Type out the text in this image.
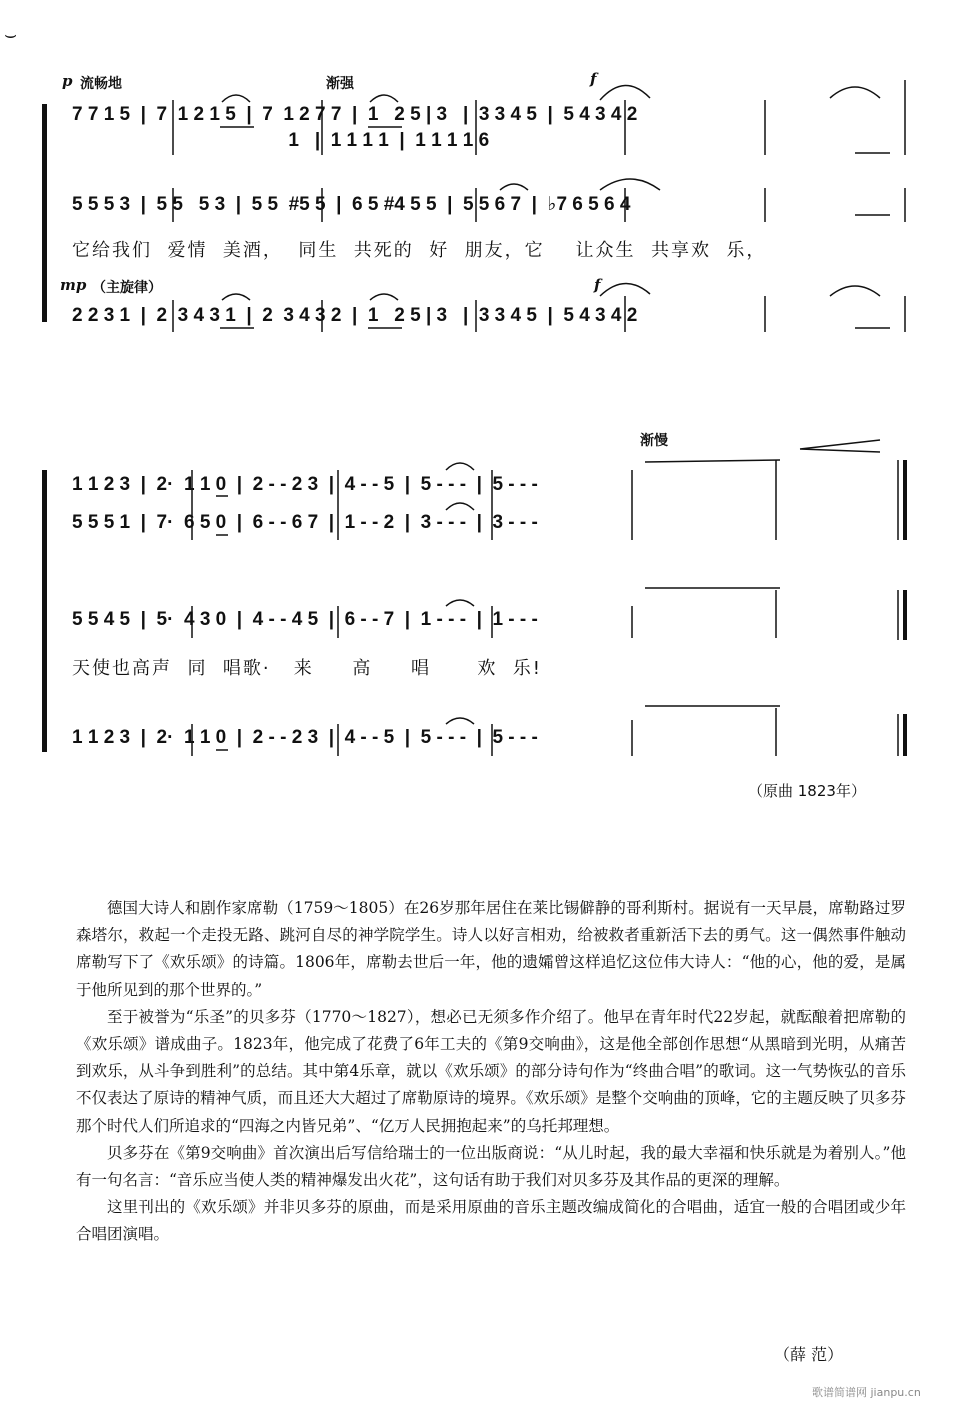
⌣
p 流畅地	渐强	f
7 7 1 5  |  7  1 2 1 5  |  7  1 2 7 7  |  1   2 5 | 3   |  3 3 4 5  |  5 4 3 4 2
1   |  1 1 1 1  |  1 1 1 1 6
5 5 5 3  |  5 5   5 3  |  5 5  #5 5  |  6 5 #4 5 5  |  5 5 6 7  |  ♭7 6 5 6 4
它给我们  爱情  美酒，  同生  共死的  好  朋友，它    让众生  共享欢  乐，
mp （主旋律）	f
2 2 3 1  |  2  3 4 3 1  |  2  3 4 3 2  |  1   2 5 | 3   |  3 3 4 5  |  5 4 3 4 2
渐慢
1 1 2 3  |  2·  1 1 0  |  2 - - 2 3  |  4 - - 5  |  5 - - -  |  5 - - -
5 5 5 1  |  7·  6 5 0  |  6 - - 6 7  |  1 - - 2  |  3 - - -  |  3 - - -
5 5 4 5  |  5·  4 3 0  |  4 - - 4 5  |  6 - - 7  |  1 - - -  |  1 - - -
天使也高声  同  唱歌·   来     高     唱      欢  乐!
1 1 2 3  |  2·  1 1 0  |  2 - - 2 3  |  4 - - 5  |  5 - - -  |  5 - - -
（原曲 1823年）

德国大诗人和剧作家席勒（1759～1805）在26岁那年居住在莱比锡僻静的哥利斯村。据说有一天早晨，席勒路过罗森塔尔，救起一个走投无路、跳河自尽的神学院学生。诗人以好言相劝，给被救者重新活下去的勇气。这一偶然事件触动席勒写下了《欢乐颂》的诗篇。1806年，席勒去世后一年，他的遗孀曾这样追忆这位伟大诗人：“他的心，他的爱，是属于他所见到的那个世界的。”

至于被誉为“乐圣”的贝多芬（1770～1827），想必已无须多作介绍了。他早在青年时代22岁起，就酝酿着把席勒的《欢乐颂》谱成曲子。1823年，他完成了花费了6年工夫的《第9交响曲》，这是他全部创作思想“从黑暗到光明，从痛苦到欢乐，从斗争到胜利”的总结。其中第4乐章，就以《欢乐颂》的部分诗句作为“终曲合唱”的歌词。这一气势恢弘的音乐不仅表达了原诗的精神气质，而且还大大超过了席勒原诗的境界。《欢乐颂》是整个交响曲的顶峰，它的主题反映了贝多芬那个时代人们所追求的“四海之内皆兄弟”、“亿万人民拥抱起来”的乌托邦理想。

贝多芬在《第9交响曲》首次演出后写信给瑞士的一位出版商说：“从儿时起，我的最大幸福和快乐就是为着别人。”他有一句名言：“音乐应当使人类的精神爆发出火花”，这句话有助于我们对贝多芬及其作品的更深的理解。

这里刊出的《欢乐颂》并非贝多芬的原曲，而是采用原曲的音乐主题改编成简化的合唱曲，适宜一般的合唱团或少年合唱团演唱。

（薛 范）
歌谱简谱网 jianpu.cn
